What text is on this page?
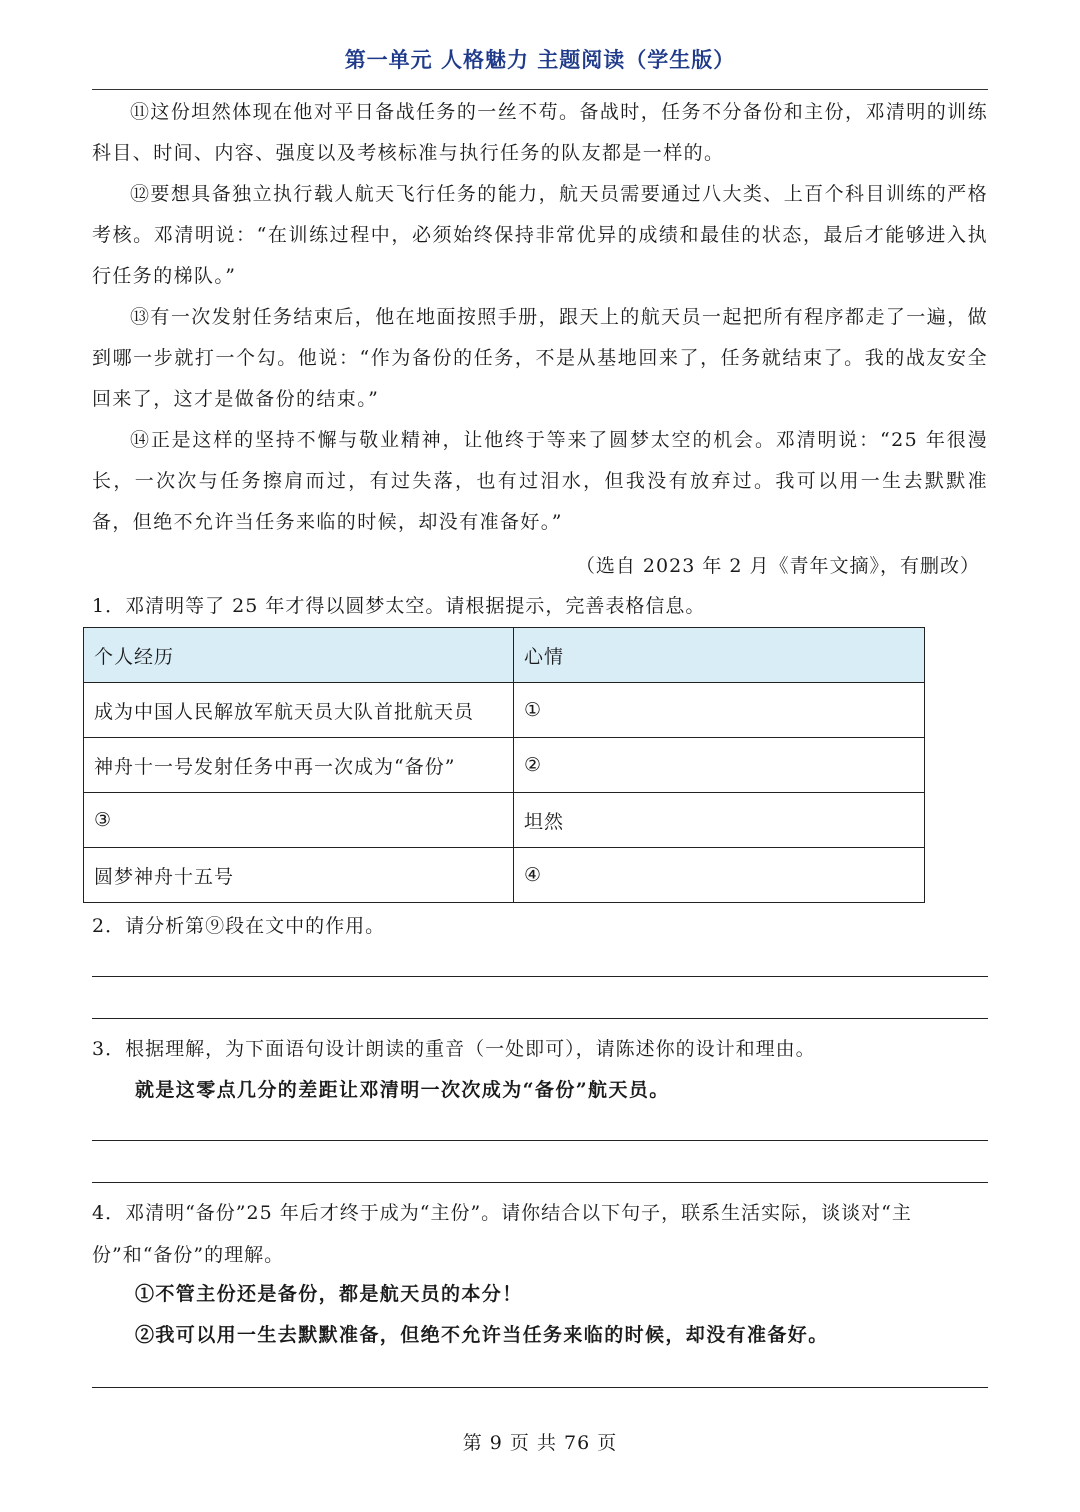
第一单元 人格魅力 主题阅读（学生版）
⑪这份坦然体现在他对平日备战任务的一丝不苟。备战时，任务不分备份和主份，邓清明的训练科目、时间、内容、强度以及考核标准与执行任务的队友都是一样的。
⑫要想具备独立执行载人航天飞行任务的能力，航天员需要通过八大类、上百个科目训练的严格考核。邓清明说：“在训练过程中，必须始终保持非常优异的成绩和最佳的状态，最后才能够进入执行任务的梯队。”
⑬有一次发射任务结束后，他在地面按照手册，跟天上的航天员一起把所有程序都走了一遍，做到哪一步就打一个勾。他说：“作为备份的任务，不是从基地回来了，任务就结束了。我的战友安全回来了，这才是做备份的结束。”
⑭正是这样的坚持不懈与敬业精神，让他终于等来了圆梦太空的机会。邓清明说：“25 年很漫长，一次次与任务擦肩而过，有过失落，也有过泪水，但我没有放弃过。我可以用一生去默默准备，但绝不允许当任务来临的时候，却没有准备好。”
（选自 2023 年 2 月《青年文摘》，有删改）
1．邓清明等了 25 年才得以圆梦太空。请根据提示，完善表格信息。
个人经历	心情
成为中国人民解放军航天员大队首批航天员	①
神舟十一号发射任务中再一次成为“备份”	②
③	坦然
圆梦神舟十五号	④
2．请分析第⑨段在文中的作用。
3．根据理解，为下面语句设计朗读的重音（一处即可），请陈述你的设计和理由。
就是这零点几分的差距让邓清明一次次成为“备份”航天员。
4．邓清明“备份”25 年后才终于成为“主份”。请你结合以下句子，联系生活实际，谈谈对“主份”和“备份”的理解。
①不管主份还是备份，都是航天员的本分！
②我可以用一生去默默准备，但绝不允许当任务来临的时候，却没有准备好。
第 9 页 共 76 页
